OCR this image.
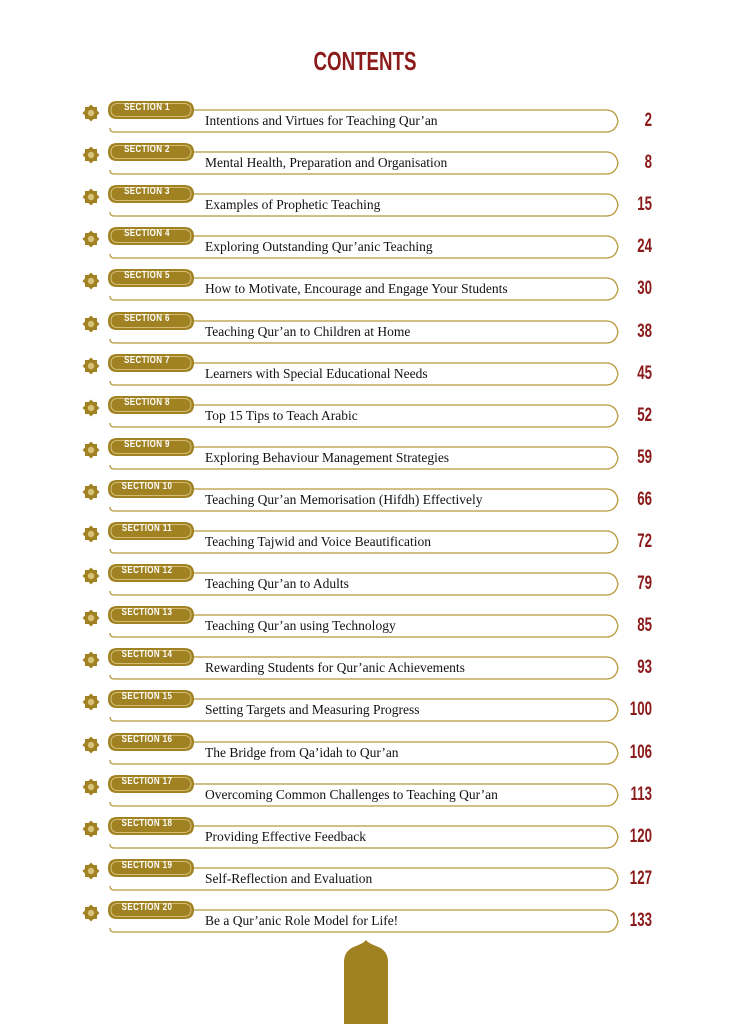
CONTENTS
SECTION 1
Intentions and Virtues for Teaching Qur’an	2
SECTION 2
Mental Health, Preparation and Organisation	8
SECTION 3
Examples of Prophetic Teaching	15
SECTION 4
Exploring Outstanding Qur’anic Teaching	24
SECTION 5
How to Motivate, Encourage and Engage Your Students	30
SECTION 6
Teaching Qur’an to Children at Home	38
SECTION 7
Learners with Special Educational Needs	45
SECTION 8
Top 15 Tips to Teach Arabic	52
SECTION 9
Exploring Behaviour Management Strategies	59
SECTION 10
Teaching Qur’an Memorisation (Hifdh) Effectively	66
SECTION 11
Teaching Tajwid and Voice Beautification	72
SECTION 12
Teaching Qur’an to Adults	79
SECTION 13
Teaching Qur’an using Technology	85
SECTION 14
Rewarding Students for Qur’anic Achievements	93
SECTION 15
Setting Targets and Measuring Progress	100
SECTION 16
The Bridge from Qa’idah to Qur’an	106
SECTION 17
Overcoming Common Challenges to Teaching Qur’an	113
SECTION 18
Providing Effective Feedback	120
SECTION 19
Self-Reflection and Evaluation	127
SECTION 20
Be a Qur’anic Role Model for Life!	133
